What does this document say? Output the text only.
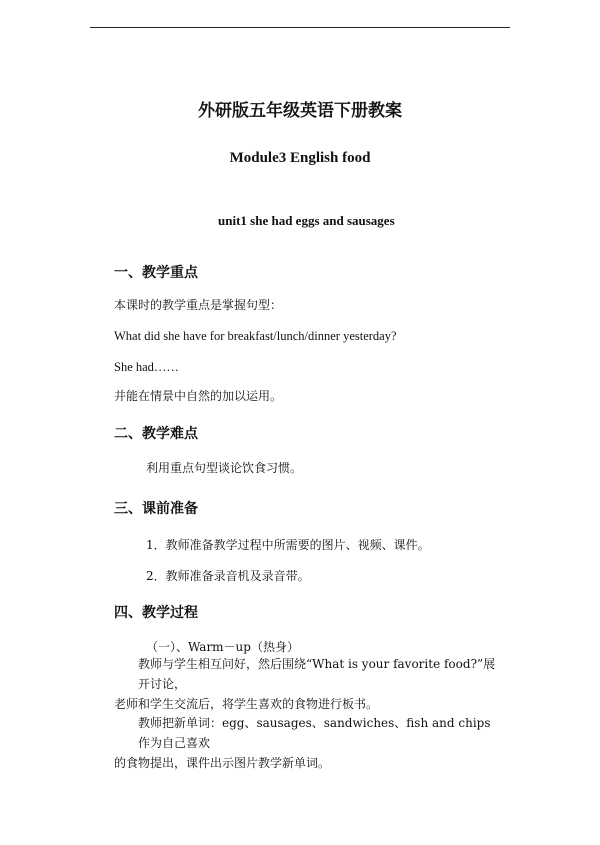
外研版五年级英语下册教案
Module3 English food
unit1 she had eggs and sausages
一、教学重点
本课时的教学重点是掌握句型：
What did she have for breakfast/lunch/dinner yesterday?
She had……
并能在情景中自然的加以运用。
二、教学难点
利用重点句型谈论饮食习惯。
三、课前准备
1．教师准备教学过程中所需要的图片、视频、课件。
2．教师准备录音机及录音带。
四、教学过程
（一）、Warm－up（热身）
教师与学生相互问好，然后围绕“What is your favorite food?”展开讨论，
老师和学生交流后，将学生喜欢的食物进行板书。
教师把新单词：egg、sausages、sandwiches、fish and chips 作为自己喜欢
的食物提出，课件出示图片教学新单词。
